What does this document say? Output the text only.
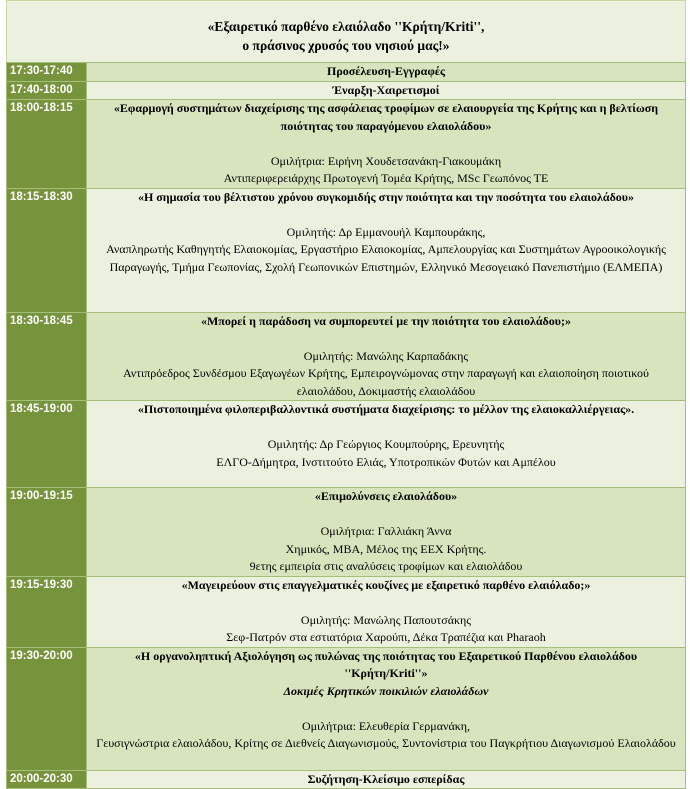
«Εξαιρετικό παρθένο ελαιόλαδο ''Κρήτη/Kriti'',
ο πράσινος χρυσός του νησιού μας!»
17:30-17:40	Προσέλευση-Εγγραφές

17:40-18:00	Έναρξη-Χαιρετισμοί

18:00-18:15	«Εφαρμογή συστημάτων διαχείρισης της ασφάλειας τροφίμων σε ελαιουργεία της Κρήτης και η βελτίωση ποιότητας του παραγόμενου ελαιολάδου»
Ομιλήτρια: Ειρήνη Χουδετσανάκη-Γιακουμάκη
Αντιπεριφερειάρχης Πρωτογενή Τομέα Κρήτης, MSc Γεωπόνος ΤΕ

18:15-18:30	«Η σημασία του βέλτιστου χρόνου συγκομιδής στην ποιότητα και την ποσότητα του ελαιολάδου»
Ομιλητής: Δρ Εμμανουήλ Καμπουράκης,
Αναπληρωτής Καθηγητής Ελαιοκομίας, Εργαστήριο Ελαιοκομίας, Αμπελουργίας και Συστημάτων Αγροοικολογικής Παραγωγής, Τμήμα Γεωπονίας, Σχολή Γεωπονικών Επιστημών, Ελληνικό Μεσογειακό Πανεπιστήμιο (ΕΛΜΕΠΑ)

18:30-18:45	«Μπορεί η παράδοση να συμπορευτεί με την ποιότητα του ελαιολάδου;»
Ομιλητής: Μανώλης Καρπαδάκης
Αντιπρόεδρος Συνδέσμου Εξαγωγέων Κρήτης, Εμπειρογνώμονας στην παραγωγή και ελαιοποίηση ποιοτικού ελαιολάδου, Δοκιμαστής ελαιολάδου

18:45-19:00	«Πιστοποιημένα φιλοπεριβαλλοντικά συστήματα διαχείρισης: το μέλλον της ελαιοκαλλιέργειας».
Ομιλητής: Δρ Γεώργιος Κουμπούρης, Ερευνητής
ΕΛΓΟ-Δήμητρα, Ινστιτούτο Ελιάς, Υποτροπικών Φυτών και Αμπέλου

19:00-19:15	«Επιμολύνσεις ελαιολάδου»
Ομιλήτρια: Γαλλιάκη Άννα
Χημικός, MBA, Μέλος της ΕΕΧ Κρήτης.
9ετης εμπειρία στις αναλύσεις τροφίμων και ελαιολάδου

19:15-19:30	«Μαγειρεύουν στις επαγγελματικές κουζίνες με εξαιρετικό παρθένο ελαιόλαδο;»
Ομιλητής: Μανώλης Παπουτσάκης
Σεφ-Πατρόν στα εστιατόρια Χαρούπι, Δέκα Τραπέζια και Pharaoh

19:30-20:00	«Η οργανοληπτική Αξιολόγηση ως πυλώνας της ποιότητας του Εξαιρετικού Παρθένου ελαιολάδου ''Κρήτη/Kriti''»
Δοκιμές Κρητικών ποικιλιών ελαιολάδων
Ομιλήτρια: Ελευθερία Γερμανάκη,
Γευσιγνώστρια ελαιολάδου, Κρίτης σε Διεθνείς Διαγωνισμούς, Συντονίστρια του Παγκρήτιου Διαγωνισμού Ελαιολάδου

20:00-20:30	Συζήτηση-Κλείσιμο εσπερίδας
